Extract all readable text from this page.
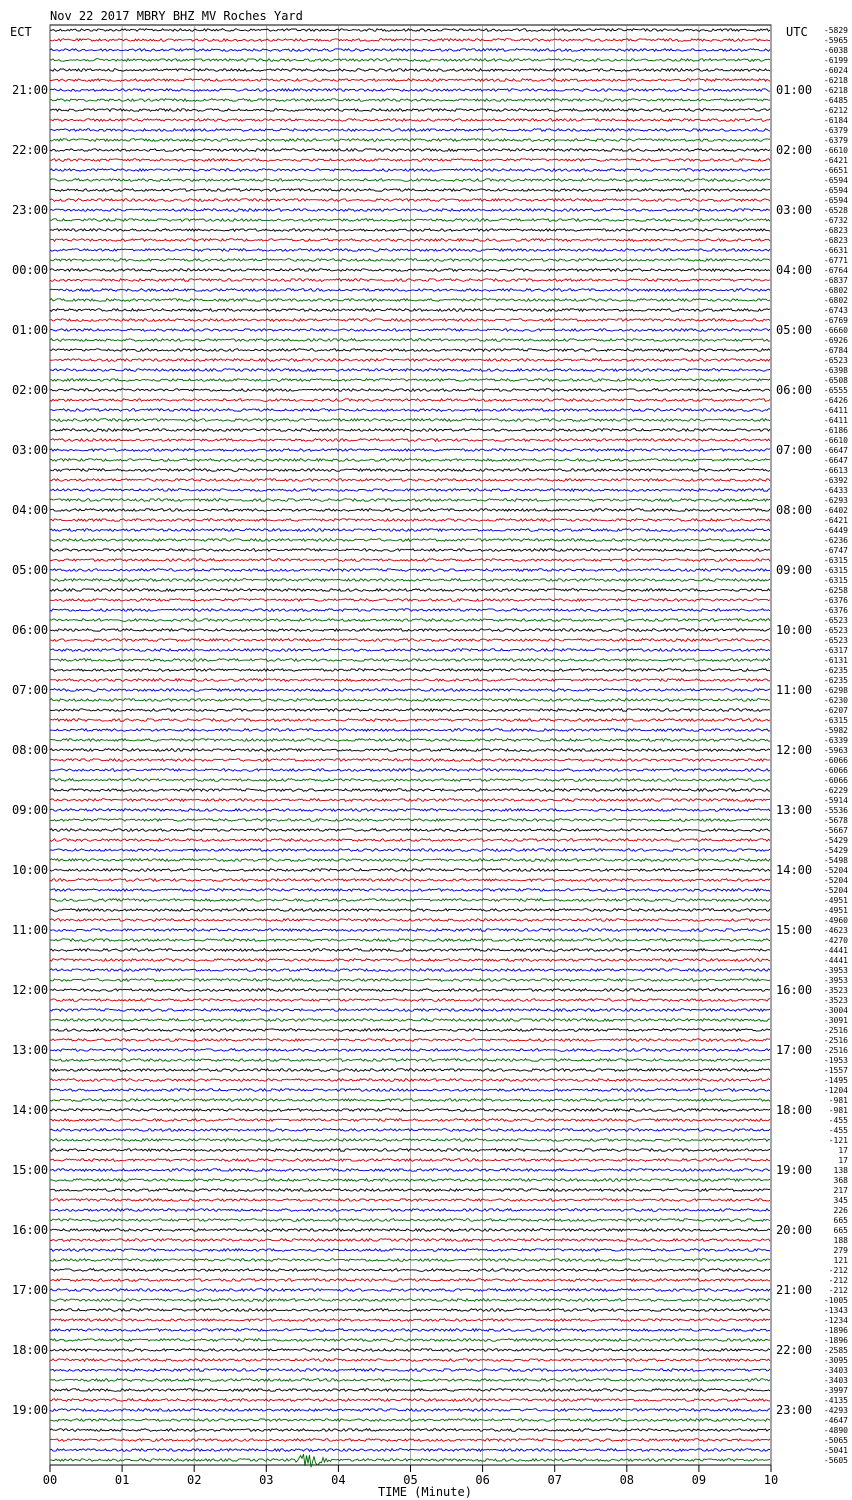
Nov 22 2017 MBRY BHZ MV Roches Yard
ECT	UTC
21:00
22:00
23:00
00:00
01:00
02:00
03:00
04:00
05:00
06:00
07:00
08:00
09:00
10:00
11:00
12:00
13:00
14:00
15:00
16:00
17:00
18:00
19:00
01:00
02:00
03:00
04:00
05:00
06:00
07:00
08:00
09:00
10:00
11:00
12:00
13:00
14:00
15:00
16:00
17:00
18:00
19:00
20:00
21:00
22:00
23:00
-5829
-5965
-6038
-6199
-6024
-6218
-6218
-6485
-6212
-6184
-6379
-6379
-6610
-6421
-6651
-6594
-6594
-6594
-6528
-6732
-6823
-6823
-6631
-6771
-6764
-6837
-6802
-6802
-6743
-6769
-6660
-6926
-6784
-6523
-6398
-6508
-6555
-6426
-6411
-6411
-6186
-6610
-6647
-6647
-6613
-6392
-6433
-6293
-6402
-6421
-6449
-6236
-6747
-6315
-6315
-6315
-6258
-6376
-6376
-6523
-6523
-6523
-6317
-6131
-6235
-6235
-6298
-6230
-6207
-6315
-5982
-6339
-5963
-6066
-6066
-6066
-6229
-5914
-5536
-5678
-5667
-5429
-5429
-5498
-5204
-5204
-5204
-4951
-4951
-4960
-4623
-4270
-4441
-4441
-3953
-3953
-3523
-3523
-3004
-3091
-2516
-2516
-2516
-1953
-1557
-1495
-1204
-981
-981
-455
-455
-121
17
17
138
368
217
345
226
665
665
188
279
121
-212
-212
-212
-1005
-1343
-1234
-1896
-1896
-2585
-3095
-3403
-3403
-3997
-4135
-4293
-4647
-4890
-5065
-5041
-5605
00	01	02	03	04	05	06	07	08	09	10
TIME (Minute)
